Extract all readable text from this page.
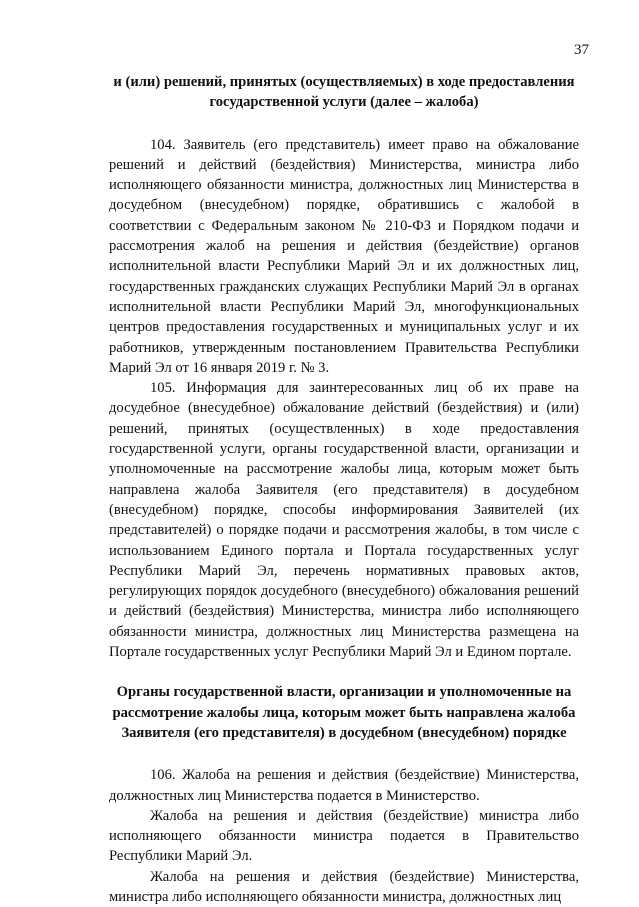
37

и (или) решений, принятых (осуществляемых) в ходе предоставления государственной услуги (далее – жалоба)

104. Заявитель (его представитель) имеет право на обжалование решений и действий (бездействия) Министерства, министра либо исполняющего обязанности министра, должностных лиц Министерства в досудебном (внесудебном) порядке, обратившись с жалобой в соответствии с Федеральным законом № 210-ФЗ и Порядком подачи и рассмотрения жалоб на решения и действия (бездействие) органов исполнительной власти Республики Марий Эл и их должностных лиц, государственных гражданских служащих Республики Марий Эл в органах исполнительной власти Республики Марий Эл, многофункциональных центров предоставления государственных и муниципальных услуг и их работников, утвержденным постановлением Правительства Республики Марий Эл от 16 января 2019 г. № 3.

105. Информация для заинтересованных лиц об их праве на досудебное (внесудебное) обжалование действий (бездействия) и (или) решений, принятых (осуществленных) в ходе предоставления государственной услуги, органы государственной власти, организации и уполномоченные на рассмотрение жалобы лица, которым может быть направлена жалоба Заявителя (его представителя) в досудебном (внесудебном) порядке, способы информирования Заявителей (их представителей) о порядке подачи и рассмотрения жалобы, в том числе с использованием Единого портала и Портала государственных услуг Республики Марий Эл, перечень нормативных правовых актов, регулирующих порядок досудебного (внесудебного) обжалования решений и действий (бездействия) Министерства, министра либо исполняющего обязанности министра, должностных лиц Министерства размещена на Портале государственных услуг Республики Марий Эл и Едином портале.

Органы государственной власти, организации и уполномоченные на рассмотрение жалобы лица, которым может быть направлена жалоба Заявителя (его представителя) в досудебном (внесудебном) порядке

106. Жалоба на решения и действия (бездействие) Министерства, должностных лиц Министерства подается в Министерство.

Жалоба на решения и действия (бездействие) министра либо исполняющего обязанности министра подается в Правительство Республики Марий Эл.

Жалоба на решения и действия (бездействие) Министерства, министра либо исполняющего обязанности министра, должностных лиц
